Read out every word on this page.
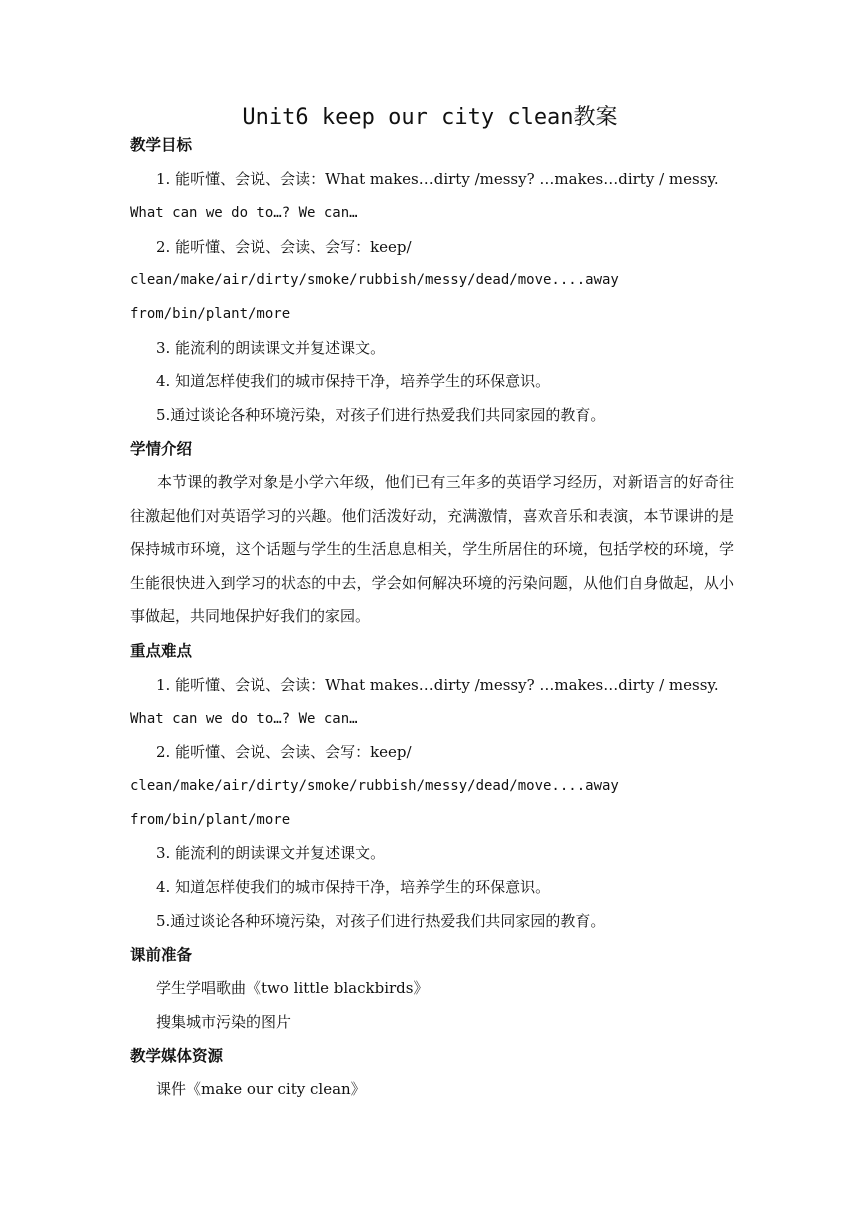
Unit6 keep our city clean教案
教学目标
1. 能听懂、会说、会读：What makes…dirty /messy? …makes…dirty / messy.
What can we do to…? We can…
2. 能听懂、会说、会读、会写：keep/
clean/make/air/dirty/smoke/rubbish/messy/dead/move....away
from/bin/plant/more
3. 能流利的朗读课文并复述课文。
4. 知道怎样使我们的城市保持干净，培养学生的环保意识。
5.通过谈论各种环境污染，对孩子们进行热爱我们共同家园的教育。
学情介绍
本节课的教学对象是小学六年级，他们已有三年多的英语学习经历，对新语言的好奇往往激起他们对英语学习的兴趣。他们活泼好动，充满激情，喜欢音乐和表演，本节课讲的是保持城市环境，这个话题与学生的生活息息相关，学生所居住的环境，包括学校的环境，学生能很快进入到学习的状态的中去，学会如何解决环境的污染问题，从他们自身做起，从小事做起，共同地保护好我们的家园。
重点难点
1. 能听懂、会说、会读：What makes…dirty /messy? …makes…dirty / messy.
What can we do to…? We can…
2. 能听懂、会说、会读、会写：keep/
clean/make/air/dirty/smoke/rubbish/messy/dead/move....away
from/bin/plant/more
3. 能流利的朗读课文并复述课文。
4. 知道怎样使我们的城市保持干净，培养学生的环保意识。
5.通过谈论各种环境污染，对孩子们进行热爱我们共同家园的教育。
课前准备
学生学唱歌曲《two little blackbirds》
搜集城市污染的图片
教学媒体资源
课件《make our city clean》
